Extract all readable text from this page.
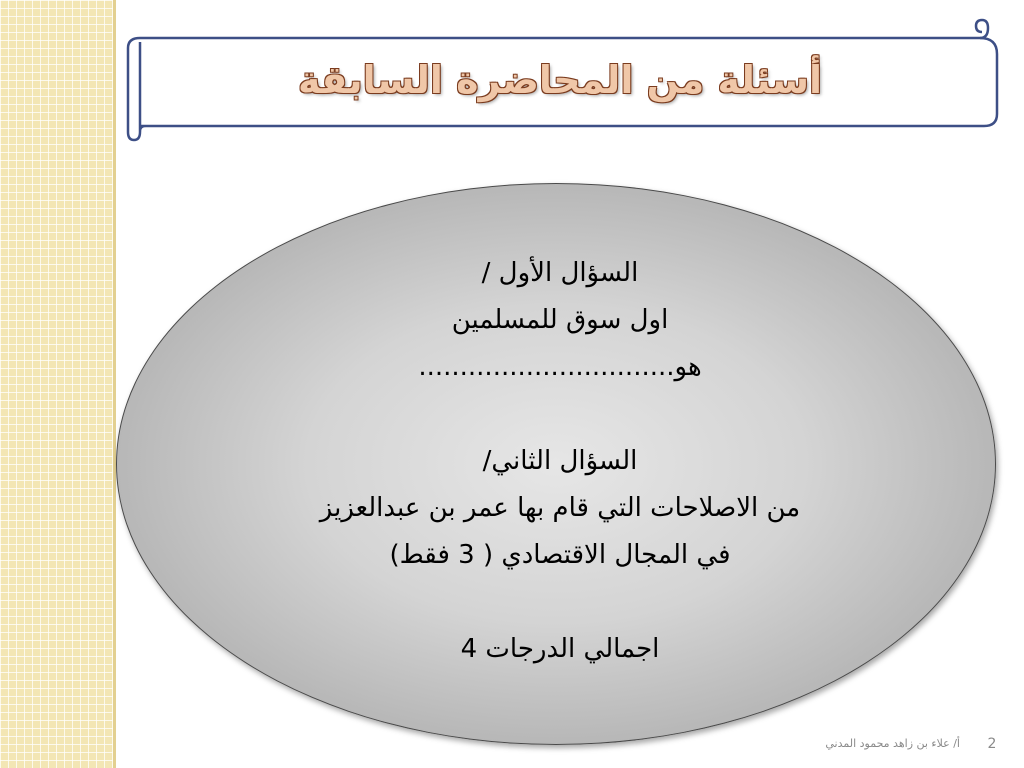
أسئلة من المحاضرة السابقة
السؤال الأول /
اول سوق للمسلمين
هو...............................
السؤال الثاني/
من الاصلاحات التي قام بها عمر بن عبدالعزيز
في المجال الاقتصادي ( 3 فقط)
اجمالي الدرجات 4
أ/ علاء بن زاهد محمود المدني	2
